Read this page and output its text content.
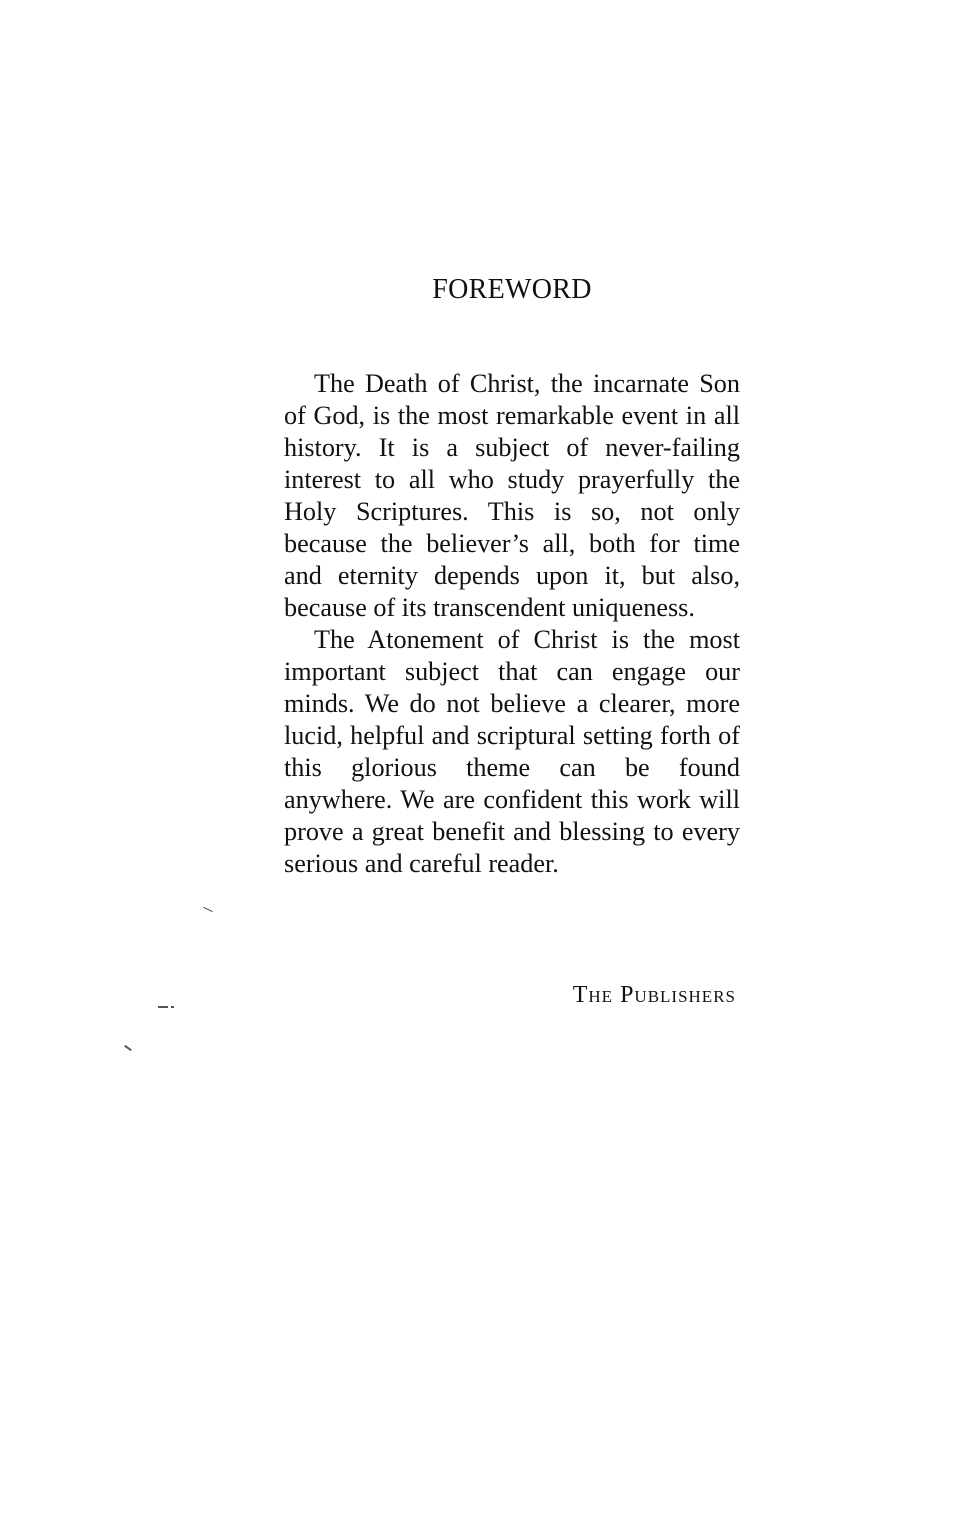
FOREWORD

The Death of Christ, the incarnate Son of God, is the most remarkable event in all history. It is a subject of never-failing interest to all who study prayerfully the Holy Scriptures. This is so, not only because the believer’s all, both for time and eternity depends upon it, but also, because of its transcendent uniqueness.

The Atonement of Christ is the most important subject that can engage our minds. We do not believe a clearer, more lucid, helpful and scriptural setting forth of this glorious theme can be found anywhere. We are confident this work will prove a great benefit and blessing to every serious and careful reader.

The Publishers
